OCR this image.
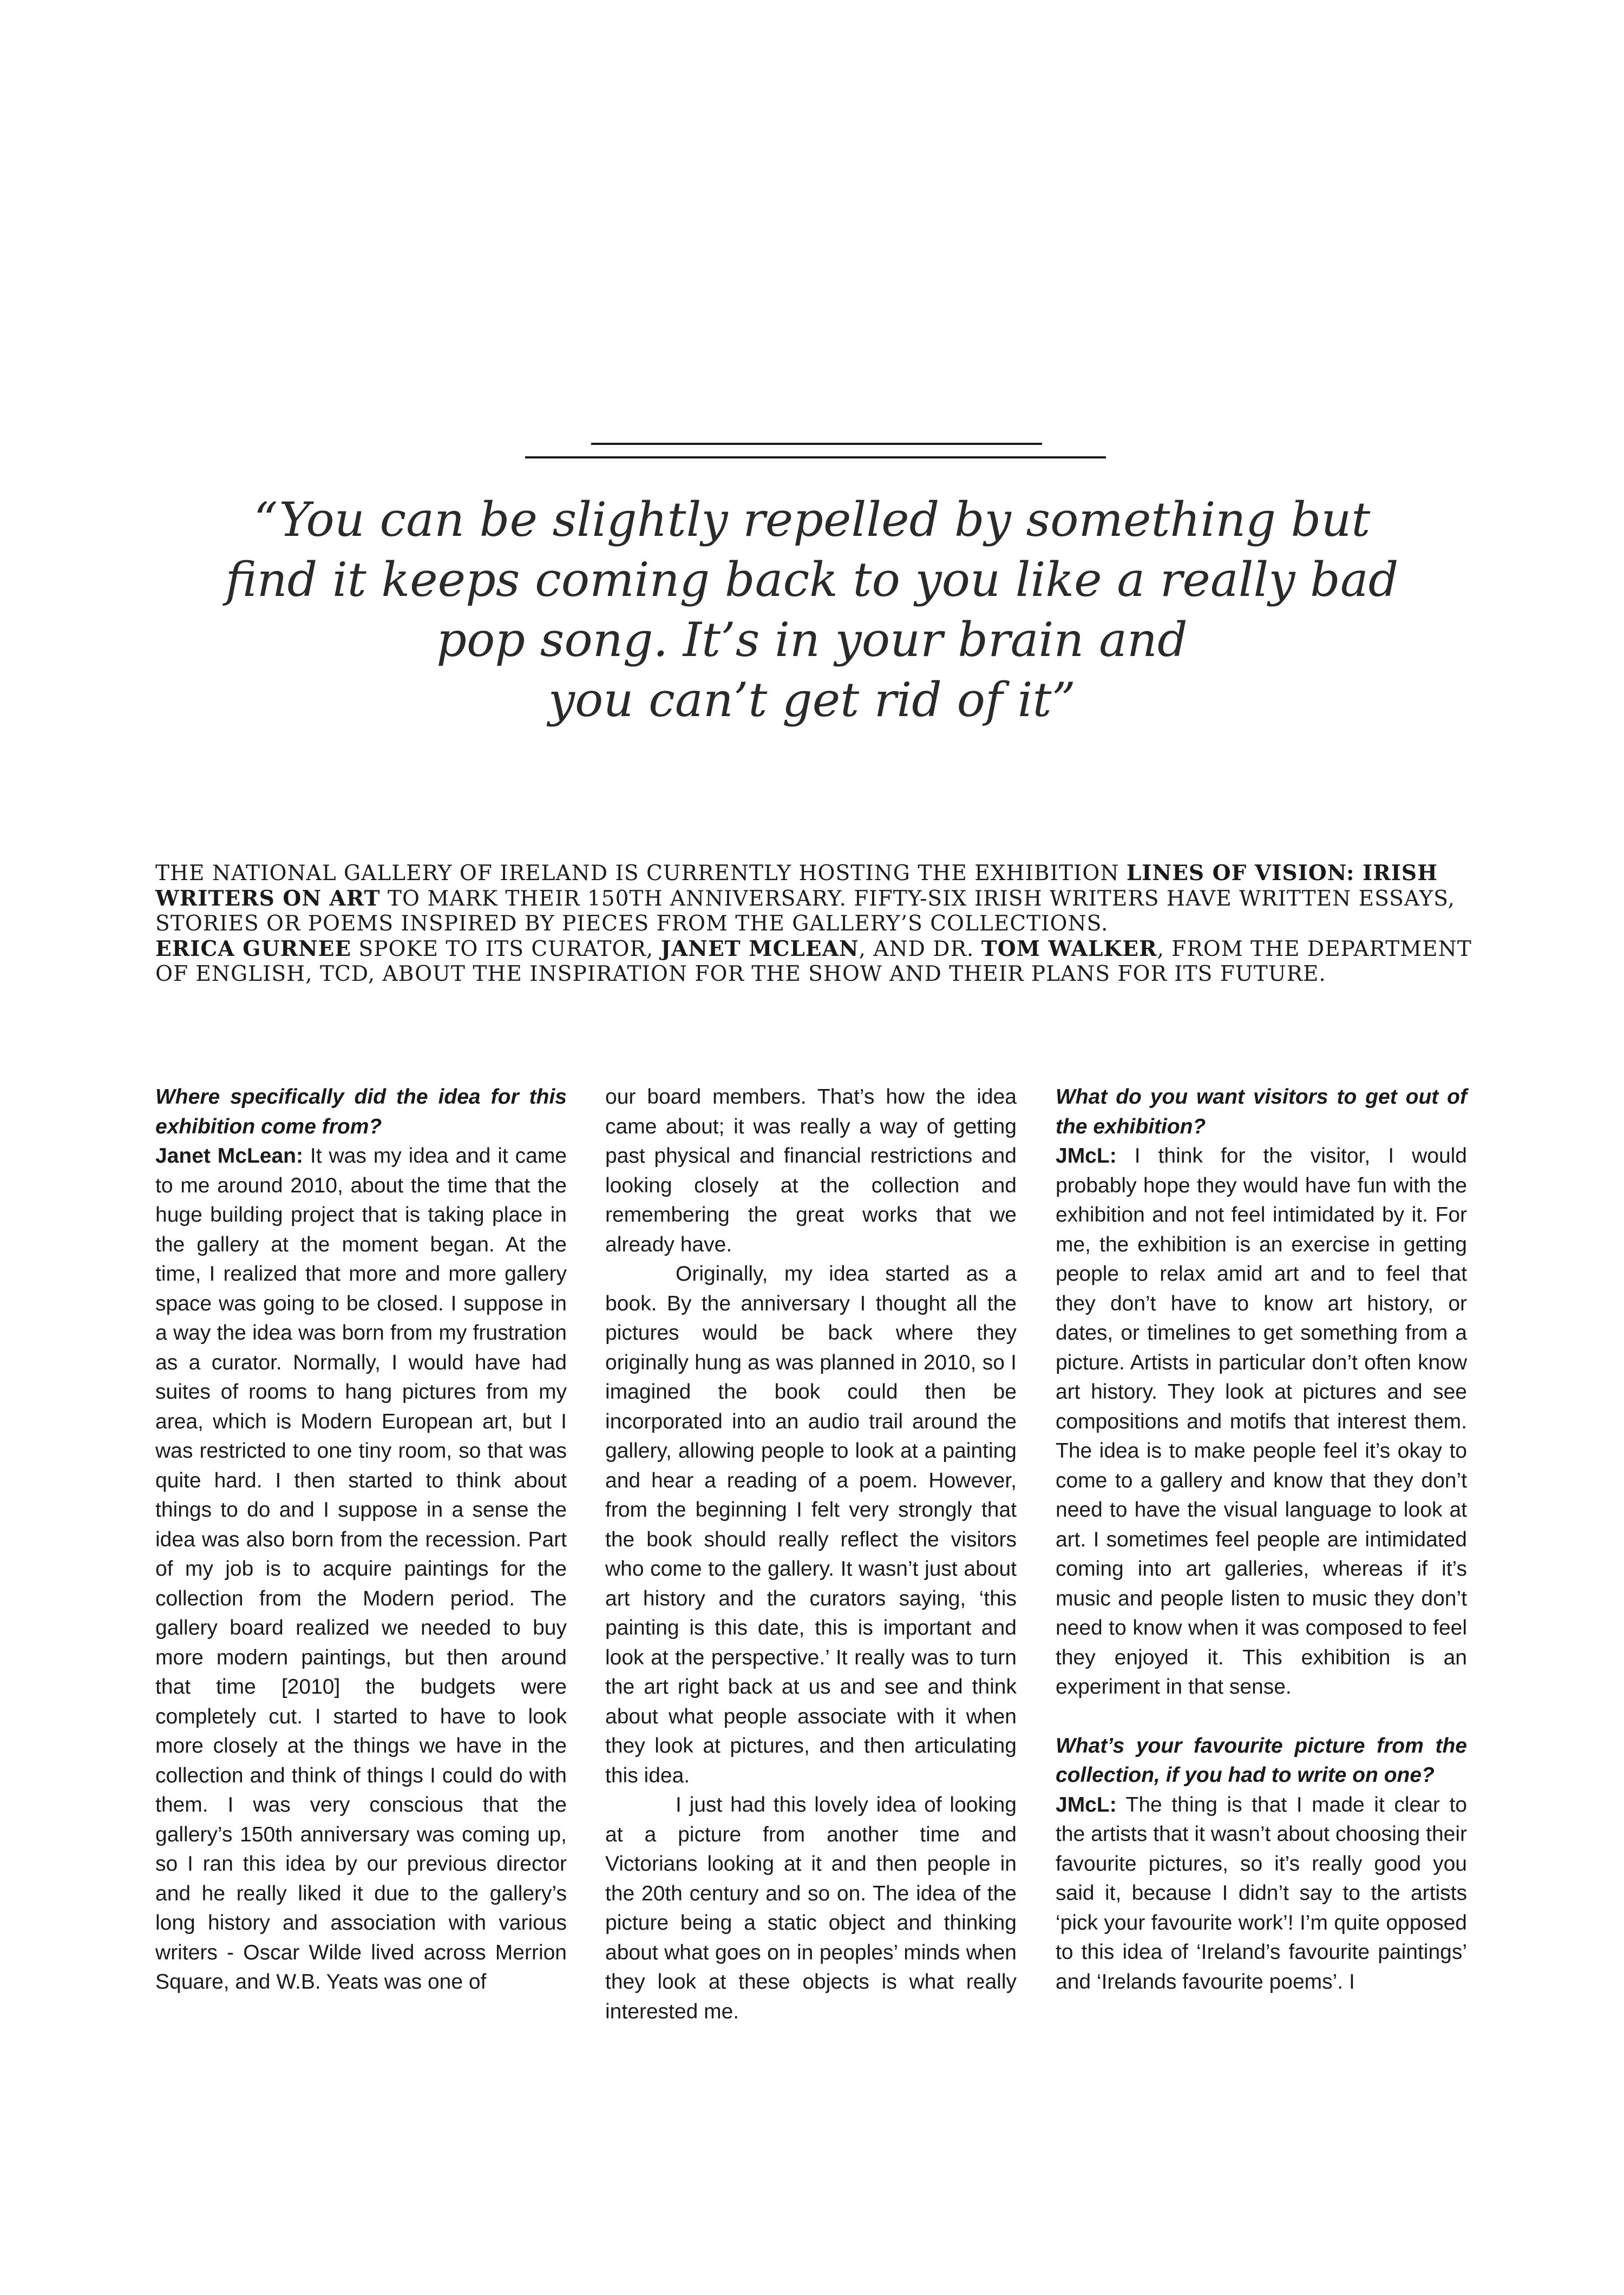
“You can be slightly repelled by something but
find it keeps coming back to you like a really bad
pop song. It’s in your brain and
you can’t get rid of it”
THE NATIONAL GALLERY OF IRELAND IS CURRENTLY HOSTING THE EXHIBITION LINES OF VISION: IRISH
WRITERS ON ART TO MARK THEIR 150TH ANNIVERSARY. FIFTY-SIX IRISH WRITERS HAVE WRITTEN ESSAYS,
STORIES OR POEMS INSPIRED BY PIECES FROM THE GALLERY’S COLLECTIONS.
ERICA GURNEE SPOKE TO ITS CURATOR, JANET MCLEAN, AND DR. TOM WALKER, FROM THE DEPARTMENT
OF ENGLISH, TCD, ABOUT THE INSPIRATION FOR THE SHOW AND THEIR PLANS FOR ITS FUTURE.

Where specifically did the idea for this exhibition come from?

Janet McLean: It was my idea and it came to me around 2010, about the time that the huge building project that is taking place in the gallery at the moment began. At the time, I realized that more and more gallery space was going to be closed. I suppose in a way the idea was born from my frustration as a curator. Normally, I would have had suites of rooms to hang pictures from my area, which is Modern European art, but I was restricted to one tiny room, so that was quite hard. I then started to think about things to do and I suppose in a sense the idea was also born from the recession. Part of my job is to acquire paintings for the collection from the Modern period. The gallery board realized we needed to buy more modern paintings, but then around that time [2010] the budgets were completely cut. I started to have to look more closely at the things we have in the collection and think of things I could do with them. I was very conscious that the gallery’s 150th anniversary was coming up, so I ran this idea by our previous director and he really liked it due to the gallery’s long history and association with various writers - Oscar Wilde lived across Merrion Square, and W.B. Yeats was one of

our board members. That’s how the idea came about; it was really a way of getting past physical and financial restrictions and looking closely at the collection and remembering the great works that we already have.

Originally, my idea started as a book. By the anniversary I thought all the pictures would be back where they originally hung as was planned in 2010, so I imagined the book could then be incorporated into an audio trail around the gallery, allowing people to look at a painting and hear a reading of a poem. However, from the beginning I felt very strongly that the book should really reflect the visitors who come to the gallery. It wasn’t just about art history and the curators saying, ‘this painting is this date, this is important and look at the perspective.’ It really was to turn the art right back at us and see and think about what people associate with it when they look at pictures, and then articulating this idea.

I just had this lovely idea of looking at a picture from another time and Victorians looking at it and then people in the 20th century and so on. The idea of the picture being a static object and thinking about what goes on in peoples’ minds when they look at these objects is what really interested me.

What do you want visitors to get out of the exhibition?

JMcL: I think for the visitor, I would probably hope they would have fun with the exhibition and not feel intimidated by it. For me, the exhibition is an exercise in getting people to relax amid art and to feel that they don’t have to know art history, or dates, or timelines to get something from a picture. Artists in particular don’t often know art history. They look at pictures and see compositions and motifs that interest them. The idea is to make people feel it’s okay to come to a gallery and know that they don’t need to have the visual language to look at art. I sometimes feel people are intimidated coming into art galleries, whereas if it’s music and people listen to music they don’t need to know when it was composed to feel they enjoyed it. This exhibition is an experiment in that sense.

What’s your favourite picture from the collection, if you had to write on one?

JMcL: The thing is that I made it clear to the artists that it wasn’t about choosing their favourite pictures, so it’s really good you said it, because I didn’t say to the artists ‘pick your favourite work’! I’m quite opposed to this idea of ‘Ireland’s favourite paintings’ and ‘Irelands favourite poems’. I
